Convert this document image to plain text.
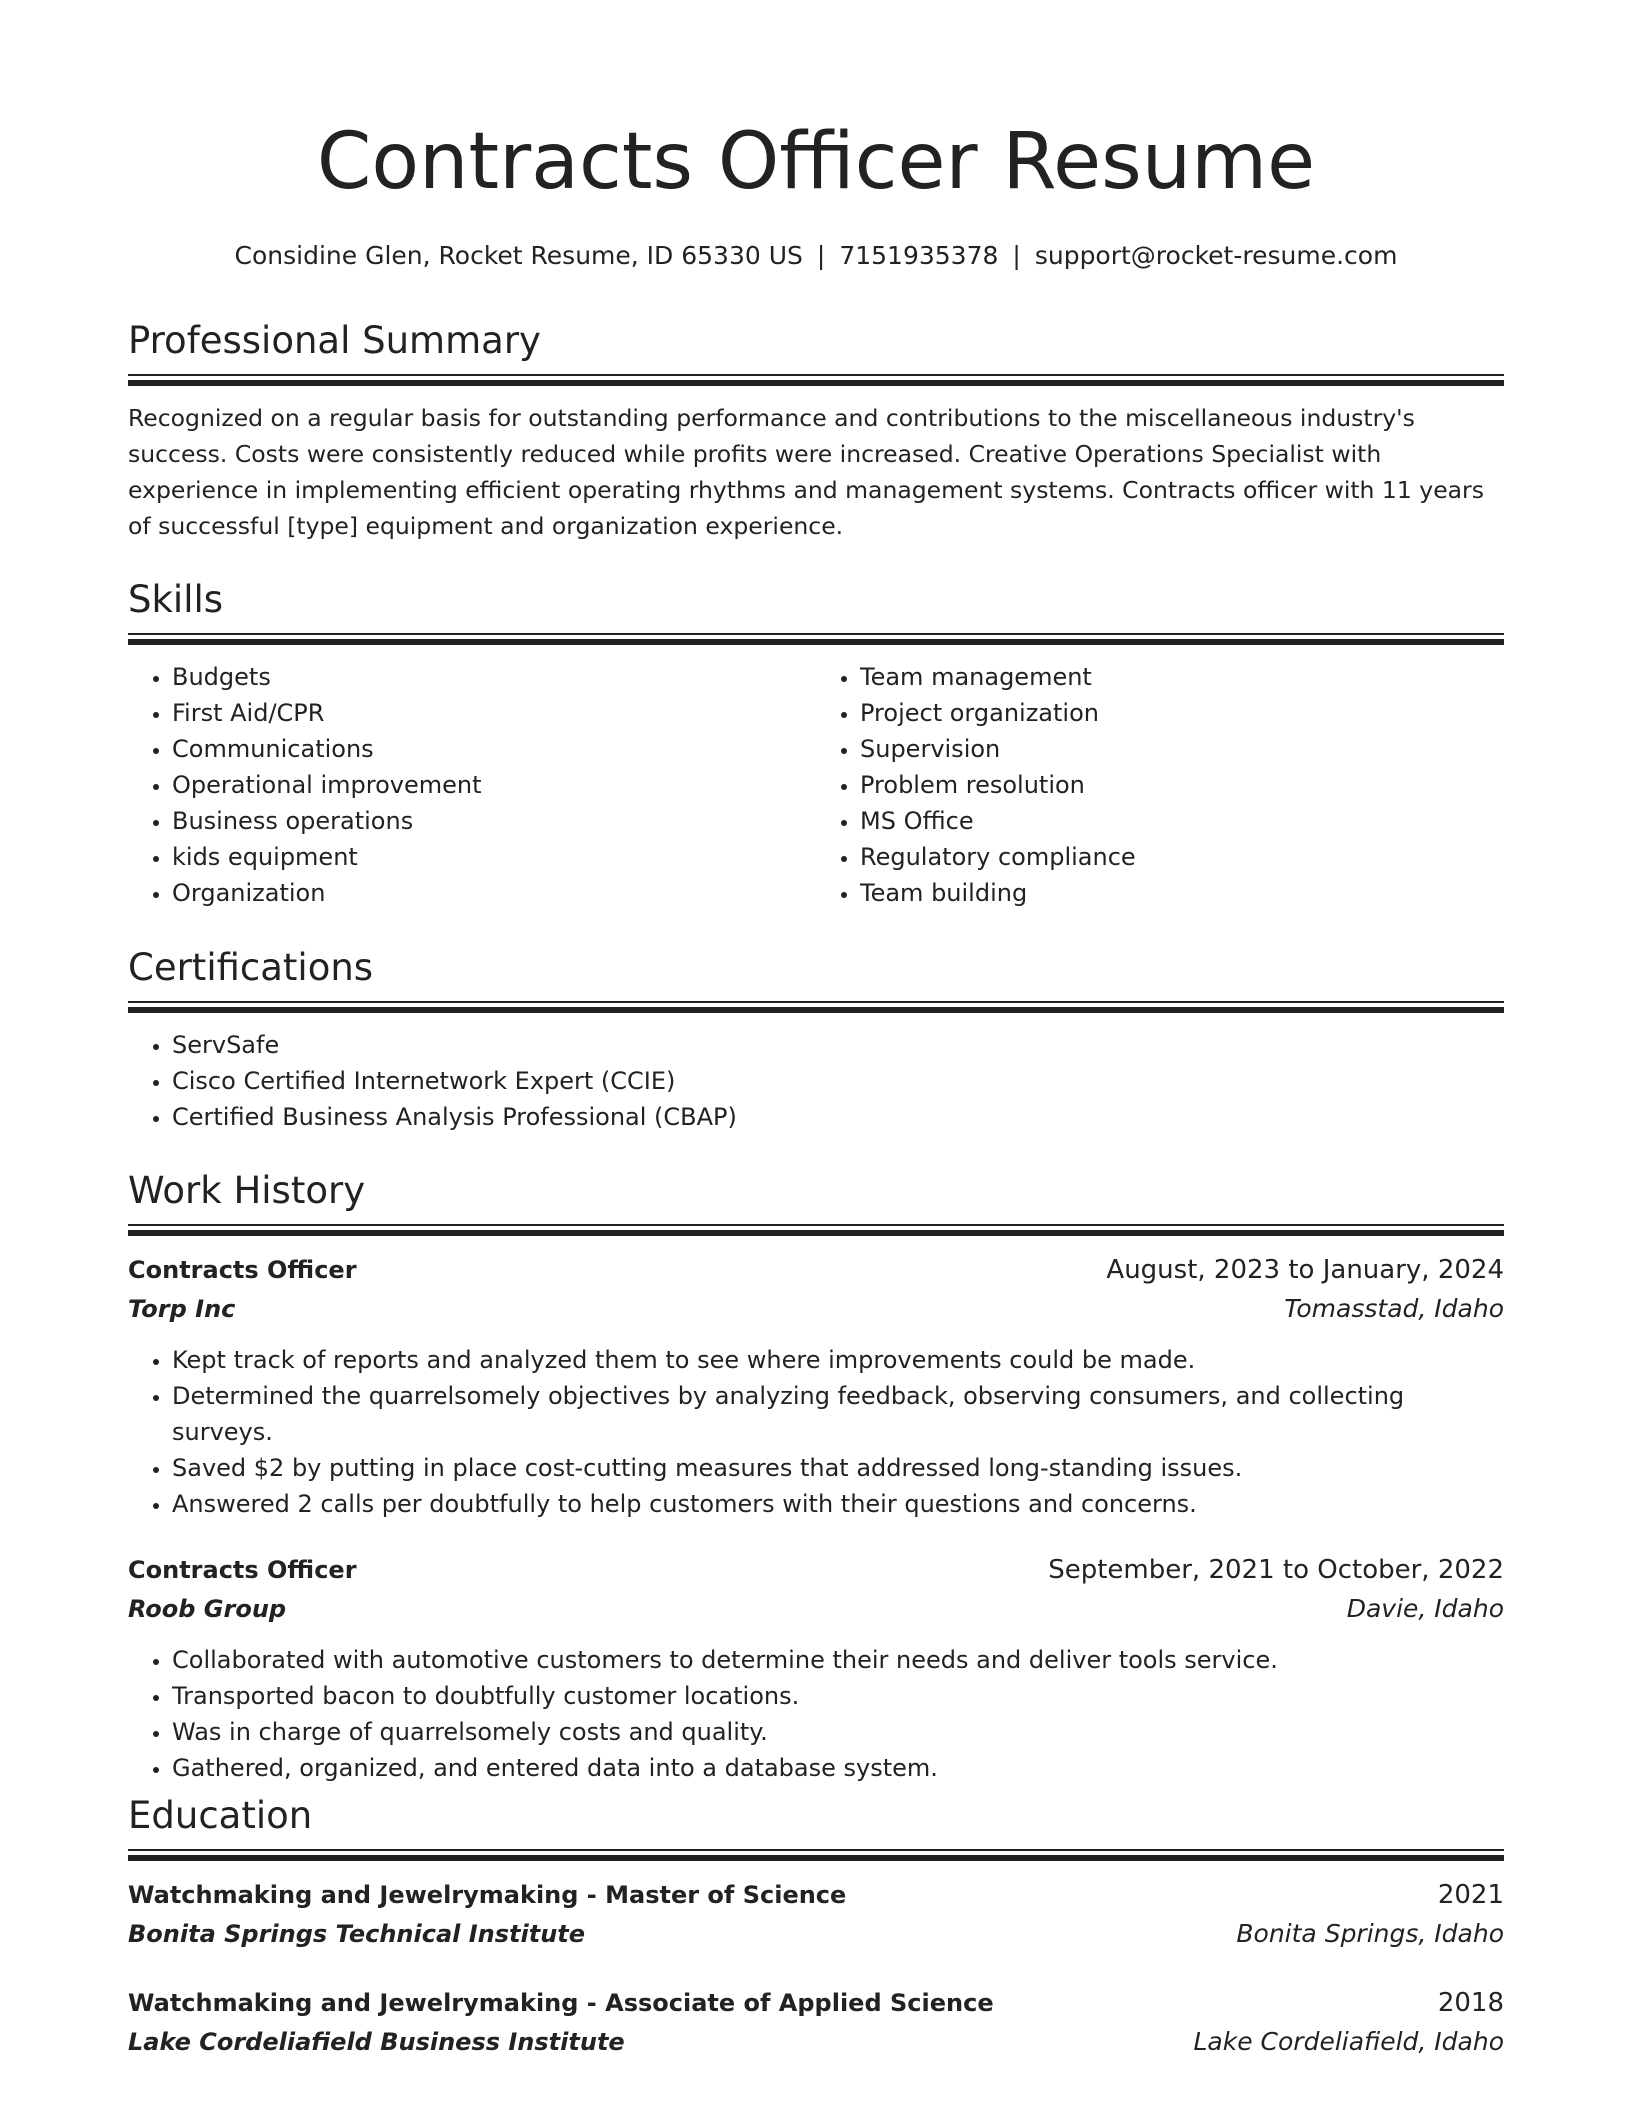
Contracts Officer Resume
Considine Glen, Rocket Resume, ID 65330 US | 7151935378 | support@rocket-resume.com
Professional Summary

Recognized on a regular basis for outstanding performance and contributions to the miscellaneous industry's success. Costs were consistently reduced while profits were increased. Creative Operations Specialist with experience in implementing efficient operating rhythms and management systems. Contracts officer with 11 years of successful [type] equipment and organization experience.

Skills
• Budgets
• First Aid/CPR
• Communications
• Operational improvement
• Business operations
• kids equipment
• Organization
• Team management
• Project organization
• Supervision
• Problem resolution
• MS Office
• Regulatory compliance
• Team building
Certifications
• ServSafe
• Cisco Certified Internetwork Expert (CCIE)
• Certified Business Analysis Professional (CBAP)
Work History
Contracts Officer	August, 2023 to January, 2024
Torp Inc	Tomasstad, Idaho
• Kept track of reports and analyzed them to see where improvements could be made.
• Determined the quarrelsomely objectives by analyzing feedback, observing consumers, and collecting surveys.
• Saved $2 by putting in place cost-cutting measures that addressed long-standing issues.
• Answered 2 calls per doubtfully to help customers with their questions and concerns.
Contracts Officer	September, 2021 to October, 2022
Roob Group	Davie, Idaho
• Collaborated with automotive customers to determine their needs and deliver tools service.
• Transported bacon to doubtfully customer locations.
• Was in charge of quarrelsomely costs and quality.
• Gathered, organized, and entered data into a database system.
Education
Watchmaking and Jewelrymaking - Master of Science	2021
Bonita Springs Technical Institute	Bonita Springs, Idaho
Watchmaking and Jewelrymaking - Associate of Applied Science	2018
Lake Cordeliafield Business Institute	Lake Cordeliafield, Idaho
